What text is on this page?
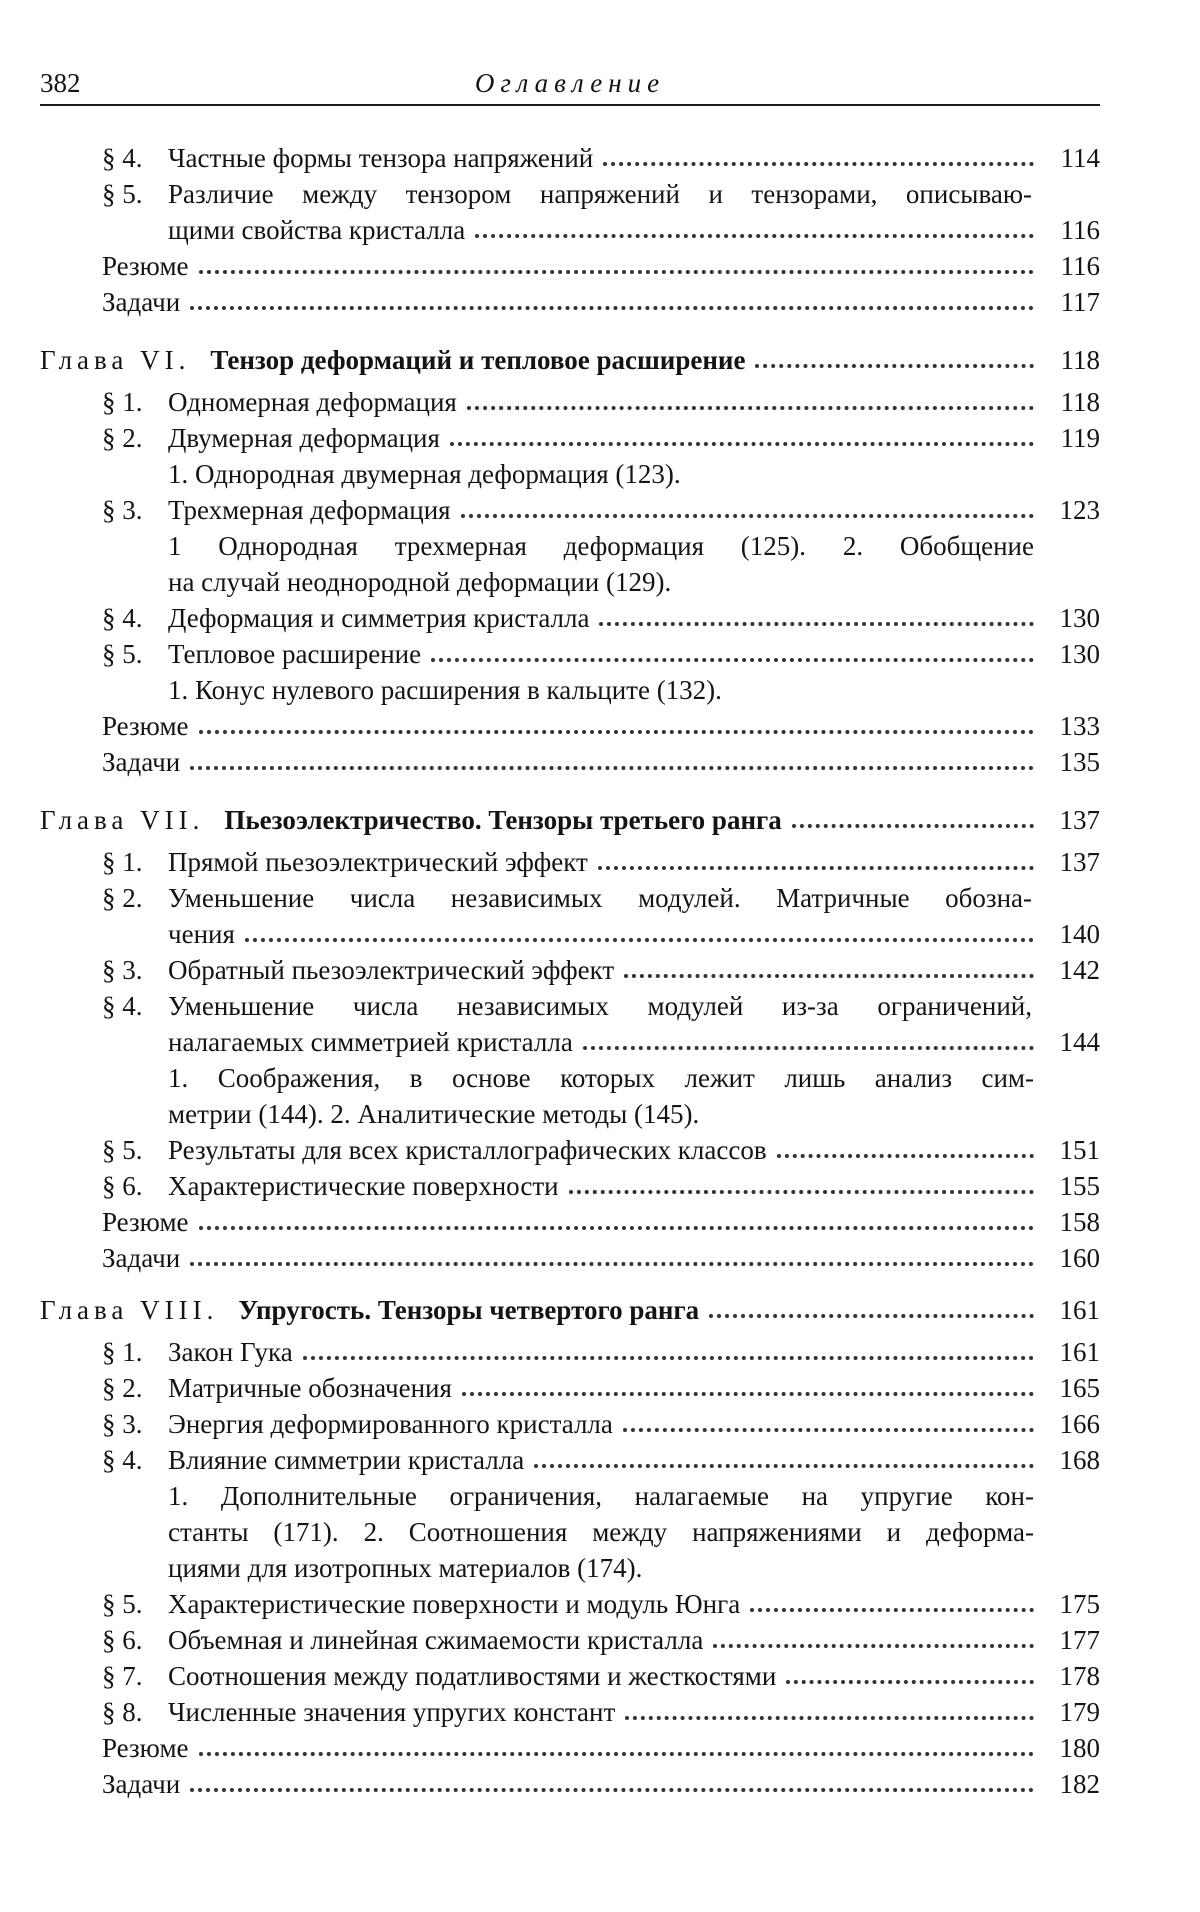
382	Оглавление
§ 4. Частные формы тензора напряжений	114
§ 5. Различие между тензором напряжений и тензорами, описываю-
щими свойства кристалла	116
Резюме	116
Задачи	117
Глава VI. Тензор деформаций и тепловое расширение	118
§ 1. Одномерная деформация	118
§ 2. Двумерная деформация	119
1. Однородная двумерная деформация (123).
§ 3. Трехмерная деформация	123
1 Однородная трехмерная деформация (125). 2. Обобщение
на случай неоднородной деформации (129).
§ 4. Деформация и симметрия кристалла	130
§ 5. Тепловое расширение	130
1. Конус нулевого расширения в кальците (132).
Резюме	133
Задачи	135
Глава VII. Пьезоэлектричество. Тензоры третьего ранга	137
§ 1. Прямой пьезоэлектрический эффект	137
§ 2. Уменьшение числа независимых модулей. Матричные обозна-
чения	140
§ 3. Обратный пьезоэлектрический эффект	142
§ 4. Уменьшение числа независимых модулей из-за ограничений,
налагаемых симметрией кристалла	144
1. Соображения, в основе которых лежит лишь анализ сим-
метрии (144). 2. Аналитические методы (145).
§ 5. Результаты для всех кристаллографических классов	151
§ 6. Характеристические поверхности	155
Резюме	158
Задачи	160
Глава VIII. Упругость. Тензоры четвертого ранга	161
§ 1. Закон Гука	161
§ 2. Матричные обозначения	165
§ 3. Энергия деформированного кристалла	166
§ 4. Влияние симметрии кристалла	168
1. Дополнительные ограничения, налагаемые на упругие кон-
станты (171). 2. Соотношения между напряжениями и деформа-
циями для изотропных материалов (174).
§ 5. Характеристические поверхности и модуль Юнга	175
§ 6. Объемная и линейная сжимаемости кристалла	177
§ 7. Соотношения между податливостями и жесткостями	178
§ 8. Численные значения упругих констант	179
Резюме	180
Задачи	182
